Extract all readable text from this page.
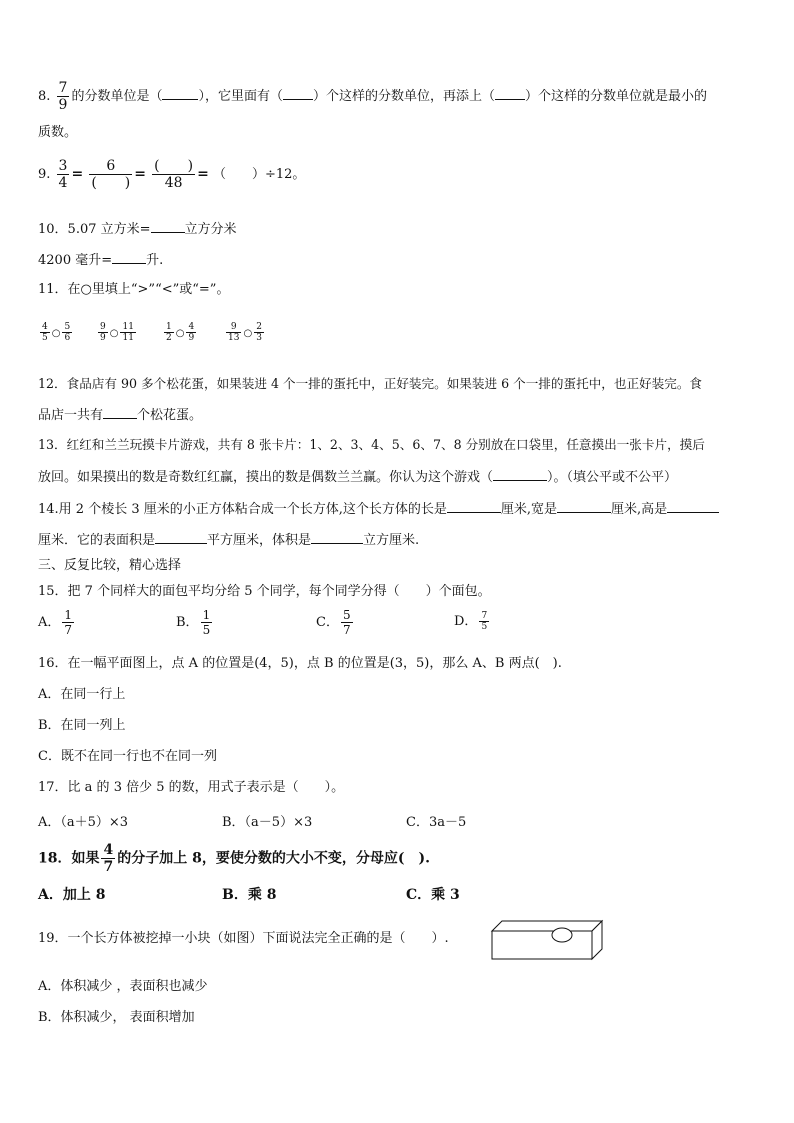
8. $\frac{7}{9}$ 的分数单位是（	），它里面有（ ）个这样的分数单位，再添上（ ）个这样的分数单位就是最小的
质数。
9. $\frac{3}{4} = \frac{6}{( )} = \frac{( )}{48}$ = （　　）÷12。
10．5.07 立方米=	立方分米
4200 毫升=	升.
11．在○里填上“>”“<”或“=”。
$\frac{4}{5}$ ○ $\frac{5}{6}$	$\frac{9}{9}$ ○ $\frac{11}{11}$	$\frac{1}{2}$ ○ $\frac{4}{9}$	$\frac{9}{13}$ ○ $\frac{2}{3}$
12．食品店有 90 多个松花蛋，如果装进 4 个一排的蛋托中，正好装完。如果装进 6 个一排的蛋托中，也正好装完。食
品店一共有	个松花蛋。
13．红红和兰兰玩摸卡片游戏，共有 8 张卡片：1、2、3、4、5、6、7、8 分别放在口袋里，任意摸出一张卡片，摸后
放回。如果摸出的数是奇数红红赢，摸出的数是偶数兰兰赢。你认为这个游戏（	）。（填公平或不公平）
14.用 2 个棱长 3 厘米的小正方体粘合成一个长方体,这个长方体的长是	厘米,宽是	厘米,高是
厘米．它的表面积是	平方厘米，体积是	立方厘米.
三、反复比较，精心选择
15．把 7 个同样大的面包平均分给 5 个同学，每个同学分得（　　）个面包。
A． $\frac{1}{7}$	B． $\frac{1}{5}$	C． $\frac{5}{7}$	D． $\frac{7}{5}$
16．在一幅平面图上，点 A 的位置是(4，5)，点 B 的位置是(3，5)，那么 A、B 两点(　).
A．在同一行上
B．在同一列上
C．既不在同一行也不在同一列
17．比 a 的 3 倍少 5 的数，用式子表示是（　　）。
A．（a＋5）×3	B．（a－5）×3	C．3a－5
18．如果 $\frac{4}{7}$ 的分子加上 8，要使分数的大小不变，分母应(　).
A．加上 8	B．乘 8	C．乘 3
19．一个长方体被挖掉一小块（如图）下面说法完全正确的是（　　）.
A．体积减少 ，表面积也减少
B．体积减少， 表面积增加
